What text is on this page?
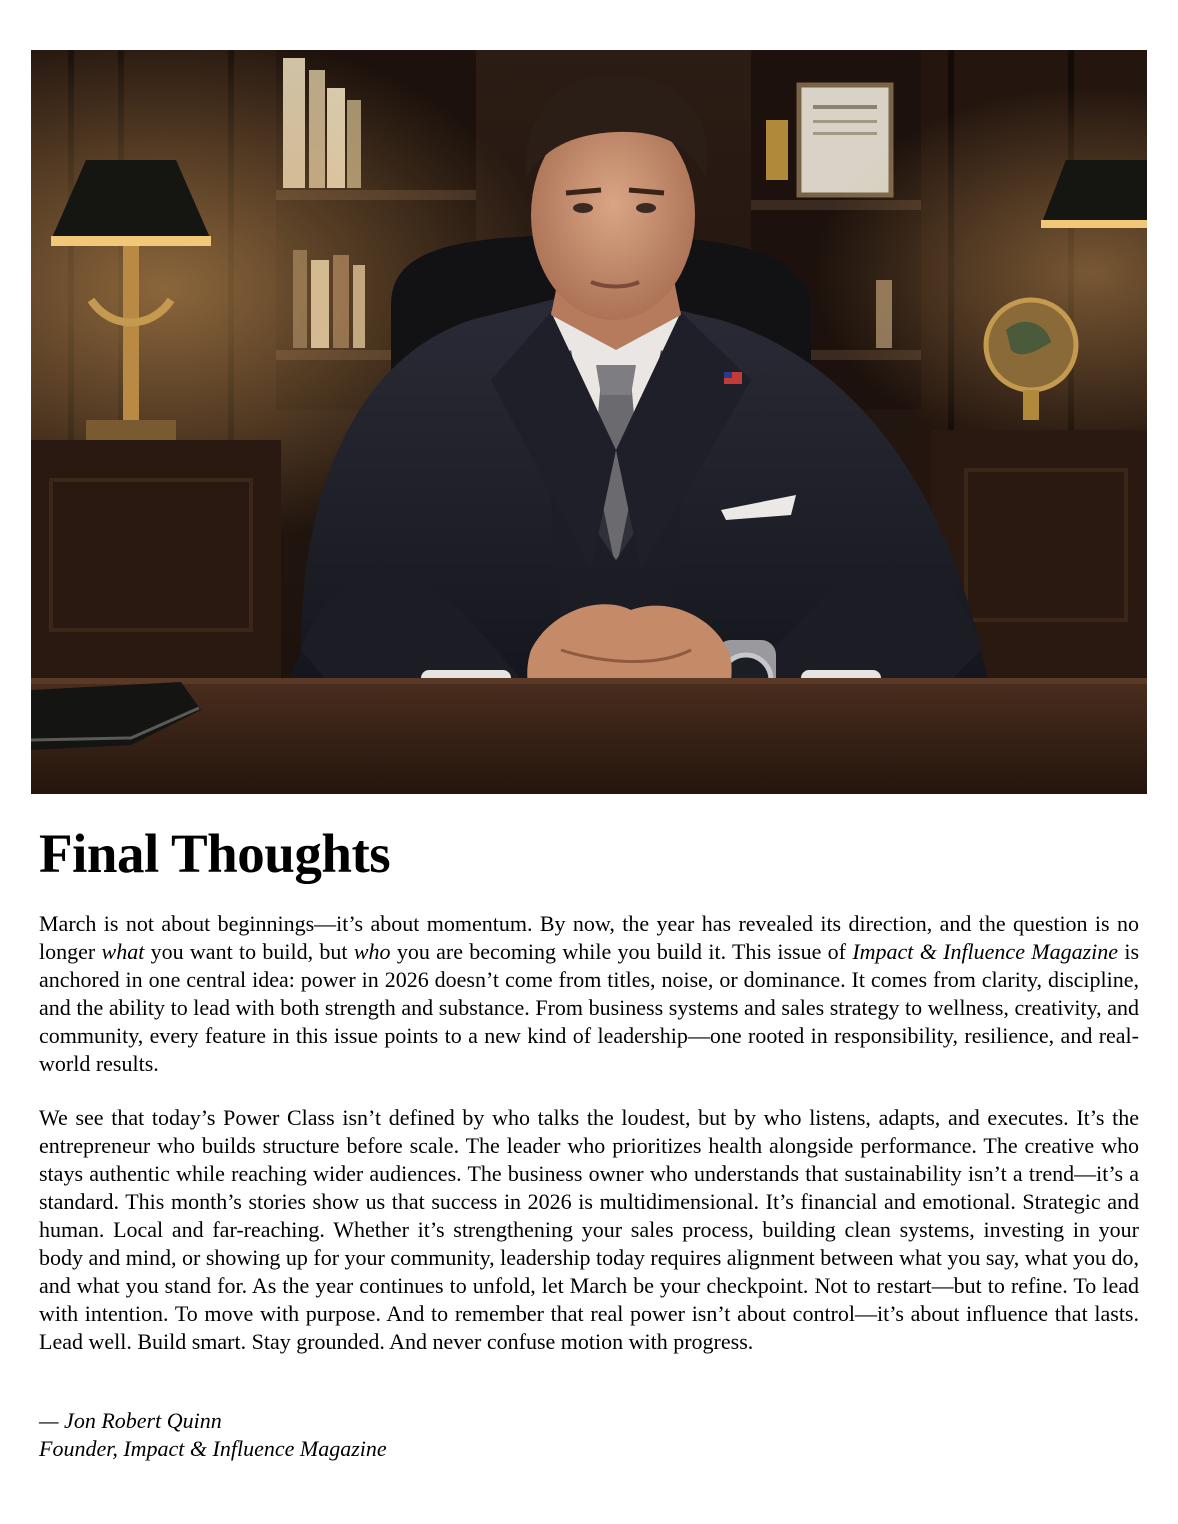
Final Thoughts

March is not about beginnings—it’s about momentum. By now, the year has revealed its direction, and the question is no longer what you want to build, but who you are becoming while you build it. This issue of Impact & Influence Magazine is anchored in one central idea: power in 2026 doesn’t come from titles, noise, or dominance. It comes from clarity, discipline, and the ability to lead with both strength and substance. From business systems and sales strategy to wellness, creativity, and community, every feature in this issue points to a new kind of leadership—one rooted in responsibility, resilience, and real-world results.

We see that today’s Power Class isn’t defined by who talks the loudest, but by who listens, adapts, and executes. It’s the entrepreneur who builds structure before scale. The leader who prioritizes health alongside performance. The creative who stays authentic while reaching wider audiences. The business owner who understands that sustainability isn’t a trend—it’s a standard. This month’s stories show us that success in 2026 is multidimensional. It’s financial and emotional. Strategic and human. Local and far-reaching. Whether it’s strengthening your sales process, building clean systems, investing in your body and mind, or showing up for your community, leadership today requires alignment between what you say, what you do, and what you stand for. As the year continues to unfold, let March be your checkpoint. Not to restart—but to refine. To lead with intention. To move with purpose. And to remember that real power isn’t about control—it’s about influence that lasts. Lead well. Build smart. Stay grounded. And never confuse motion with progress.

— Jon Robert Quinn
Founder, Impact & Influence Magazine
